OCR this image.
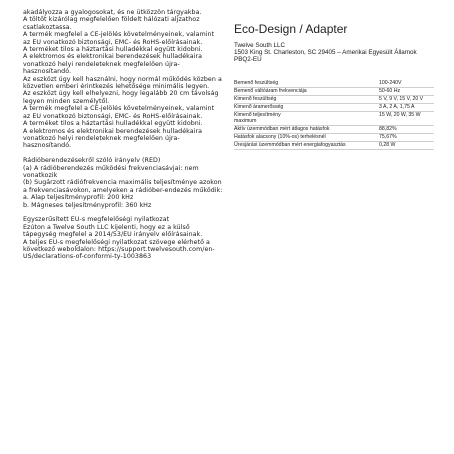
akadályozza a gyalogosokat, és ne ütközzön tárgyakba.
A töltőt kizárólag megfelelően földelt hálózati aljzathoz csatlakoztassa.
A termék megfelel a CE-jelölés követelményeinek, valamint az EU vonatkozó biztonsági, EMC- és RoHS-előírásainak.
A terméket tilos a háztartási hulladékkal együtt kidobni.
A elektromos és elektronikai berendezések hulladékaira vonatkozó helyi rendeleteknek megfelelően újra-hasznosítandó.
Az eszközt úgy kell használni, hogy normál működés közben a közvetlen emberi érintkezés lehetősége minimális legyen.
Az eszközt úgy kell elhelyezni, hogy legalább 20 cm távolság legyen minden személytől.
A termék megfelel a CE-jelölés követelményeinek, valamint az EU vonatkozó biztonsági, EMC- és RoHS-előírásainak.
A terméket tilos a háztartási hulladékkal együtt kidobni.
A elektromos és elektronikai berendezések hulladékaira vonatkozó helyi rendeleteknek megfelelően újra-hasznosítandó.

Rádióberendezésekről szóló irányelv (RED)
(a) A rádióberendezés működési frekvenciasávjai: nem vonatkozik
(b) Sugárzott rádiófrekvencia maximális teljesítménye azokon a frekvenciasávokon, amelyeken a rádióber-endezés működik:
a. Alap teljesítményprofil: 200 kHz
b. Mágneses teljesítményprofil: 360 kHz

Egyszerűsített EU-s megfelelőségi nyilatkozat
Ezúton a Twelve South LLC kijelenti, hogy ez a külső tápegység megfelel a 2014/53/EU irányelv előírásainak.
A teljes EU-s megfelelőségi nyilatkozat szövege elérhető a következő weboldalon: https://support.twelvesouth.com/en-US/declarations-of-conformi-ty-1003863

Eco-Design / Adapter

Twelve South LLC
1503 King St. Charleston, SC 29405 – Amerikai Egyesült Államok
PBQ2-EU

Bemenő feszültség	100-240V
Bemenő váltóáram frekvenciája	50-60 Hz
Kimenő feszültség	5 V, 9 V, 15 V, 20 V
Kimenő áramerősség	3 A, 2 A, 1,75 A
Kimenő teljesítmény
maximum	15 W, 20 W, 35 W
Aktív üzemmódban mért átlagos hatásfok	88,82%
Hatásfok alacsony (10%-os) terhelésnél	75,67%
Üresjárási üzemmódban mért energiafogyasztás	0,28 W
